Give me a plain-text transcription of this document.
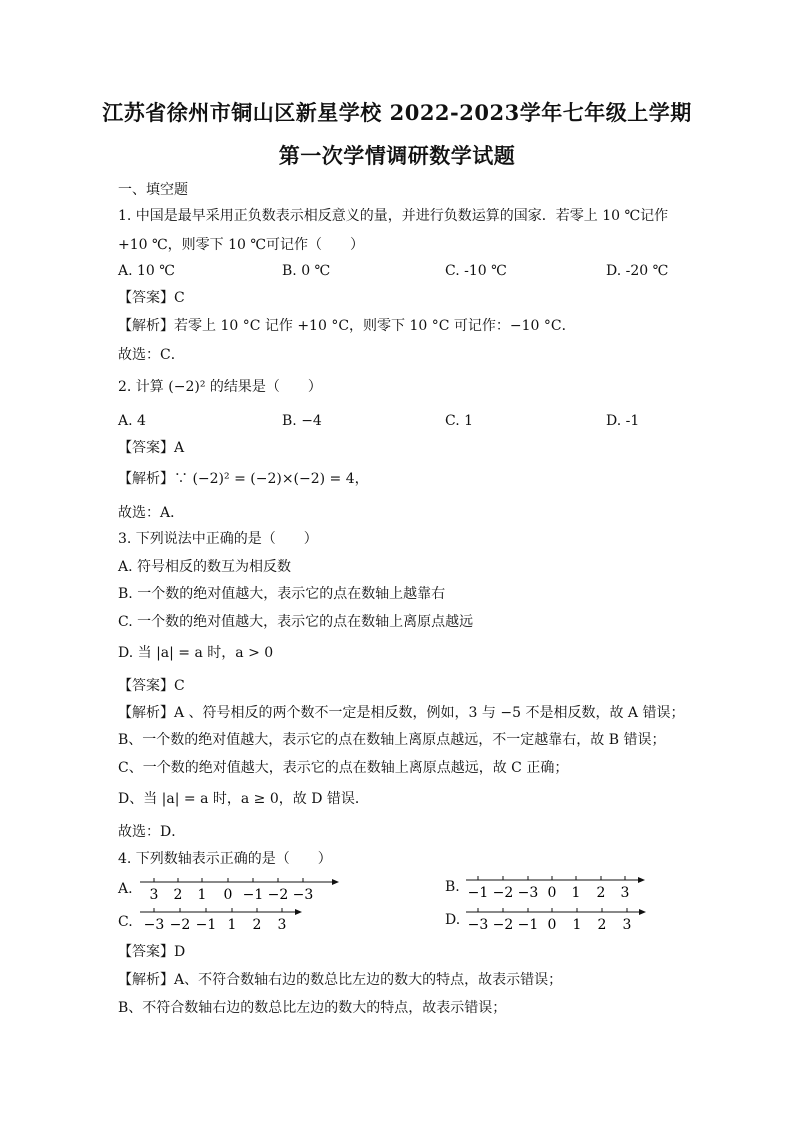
江苏省徐州市铜山区新星学校 2022-2023学年七年级上学期
第一次学情调研数学试题
一、填空题
1. 中国是最早采用正负数表示相反意义的量，并进行负数运算的国家．若零上 10 ℃记作
+10 ℃，则零下 10 ℃可记作（　　）
A. 10 ℃	B. 0 ℃	C. -10 ℃	D. -20 ℃
【答案】C
【解析】若零上 10 °C 记作 +10 °C，则零下 10 °C 可记作：−10 °C．
故选：C．
2. 计算 (−2)² 的结果是（　　）
A. 4	B. −4	C. 1	D. -1
【答案】A
【解析】∵ (−2)² = (−2)×(−2) = 4，
故选：A．
3. 下列说法中正确的是（　　）
A. 符号相反的数互为相反数
B. 一个数的绝对值越大，表示它的点在数轴上越靠右
C. 一个数的绝对值越大，表示它的点在数轴上离原点越远
D. 当 |a| = a 时，a > 0
【答案】C
【解析】A 、符号相反的两个数不一定是相反数，例如，3 与 −5 不是相反数，故 A 错误；
B、一个数的绝对值越大，表示它的点在数轴上离原点越远，不一定越靠右，故 B 错误；
C、一个数的绝对值越大，表示它的点在数轴上离原点越远，故 C 正确；
D、当 |a| = a 时，a ≥ 0，故 D 错误．
故选：D．
4. 下列数轴表示正确的是（　　）
A. 3 2 1 0 −1 −2 −3	B. −1 −2 −3 0 1 2 3
C. −3 −2 −1 1 2 3	D. −3 −2 −1 0 1 2 3
【答案】D
【解析】A、不符合数轴右边的数总比左边的数大的特点，故表示错误；
B、不符合数轴右边的数总比左边的数大的特点，故表示错误；
